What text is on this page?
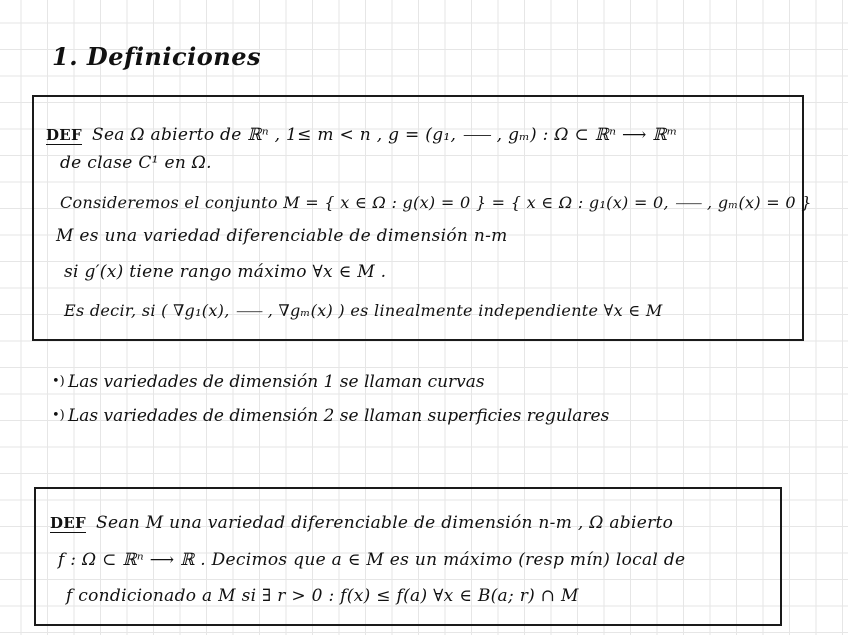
1. Definiciones
DEF Sea Ω abierto de ℝⁿ , 1≤ m < n , g = (g₁, ⸺ , gₘ) : Ω ⊂ ℝⁿ ⟶ ℝᵐ
de clase C¹ en Ω.
Consideremos el conjunto M = { x ∈ Ω : g(x) = 0 } = { x ∈ Ω : g₁(x) = 0, ⸺ , gₘ(x) = 0 }
M es una variedad diferenciable de dimensión n-m
si g′(x) tiene rango máximo ∀x ∈ M .
Es decir, si ( ∇g₁(x), ⸺ , ∇gₘ(x) ) es linealmente independiente ∀x ∈ M
•) Las variedades de dimensión 1 se llaman curvas
•) Las variedades de dimensión 2 se llaman superficies regulares
DEF Sean M una variedad diferenciable de dimensión n-m , Ω abierto
f : Ω ⊂ ℝⁿ ⟶ ℝ . Decimos que a ∈ M es un máximo (resp mín) local de
f condicionado a M si ∃ r > 0 : f(x) ≤ f(a) ∀x ∈ B(a; r) ∩ M
